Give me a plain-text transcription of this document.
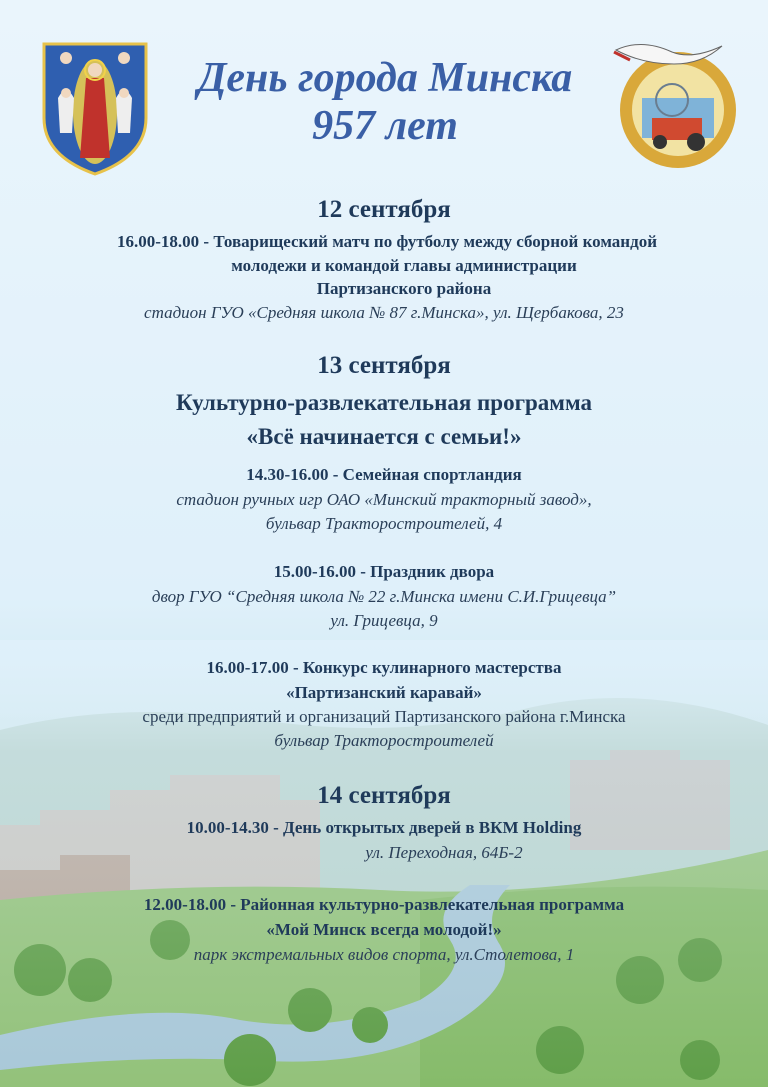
День города Минска
957 лет
12 сентября
16.00-18.00 - Товарищеский матч по футболу между сборной командой
молодежи и командой главы администрации
Партизанского района
стадион ГУО «Средняя школа № 87 г.Минска», ул. Щербакова, 23
13 сентября
Культурно-развлекательная программа
«Всё начинается с семьи!»
14.30-16.00 - Семейная спортландия
стадион ручных игр ОАО «Минский тракторный завод»,
бульвар Тракторостроителей, 4
15.00-16.00 - Праздник двора
двор ГУО “Средняя школа № 22 г.Минска имени С.И.Грицевца”
ул. Грицевца, 9
16.00-17.00 - Конкурс кулинарного мастерства
«Партизанский каравай»
среди предприятий и организаций Партизанского района г.Минска
бульвар Тракторостроителей
14 сентября
10.00-14.30 - День открытых дверей в ВКМ Holding
ул. Переходная, 64Б-2
12.00-18.00 - Районная культурно-развлекательная программа
«Мой Минск всегда молодой!»
парк экстремальных видов спорта, ул.Столетова, 1
